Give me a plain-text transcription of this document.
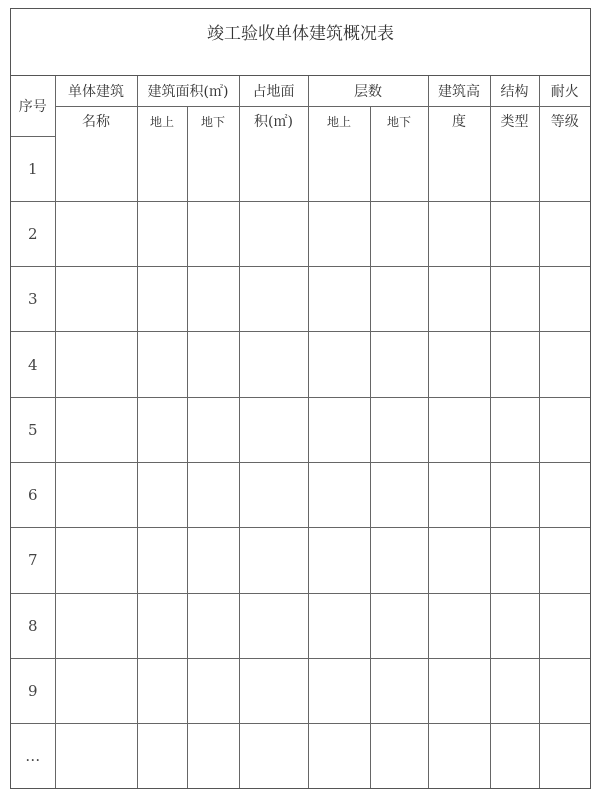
竣工验收单体建筑概况表
序号	单体建筑	建筑面积(㎡)		占地面	层数		建筑高	结构	耐火
	名称	地上	地下	积(㎡)	地上	地下	度	类型	等级
1									
2									
3									
4									
5									
6									
7									
8									
9									
…									
